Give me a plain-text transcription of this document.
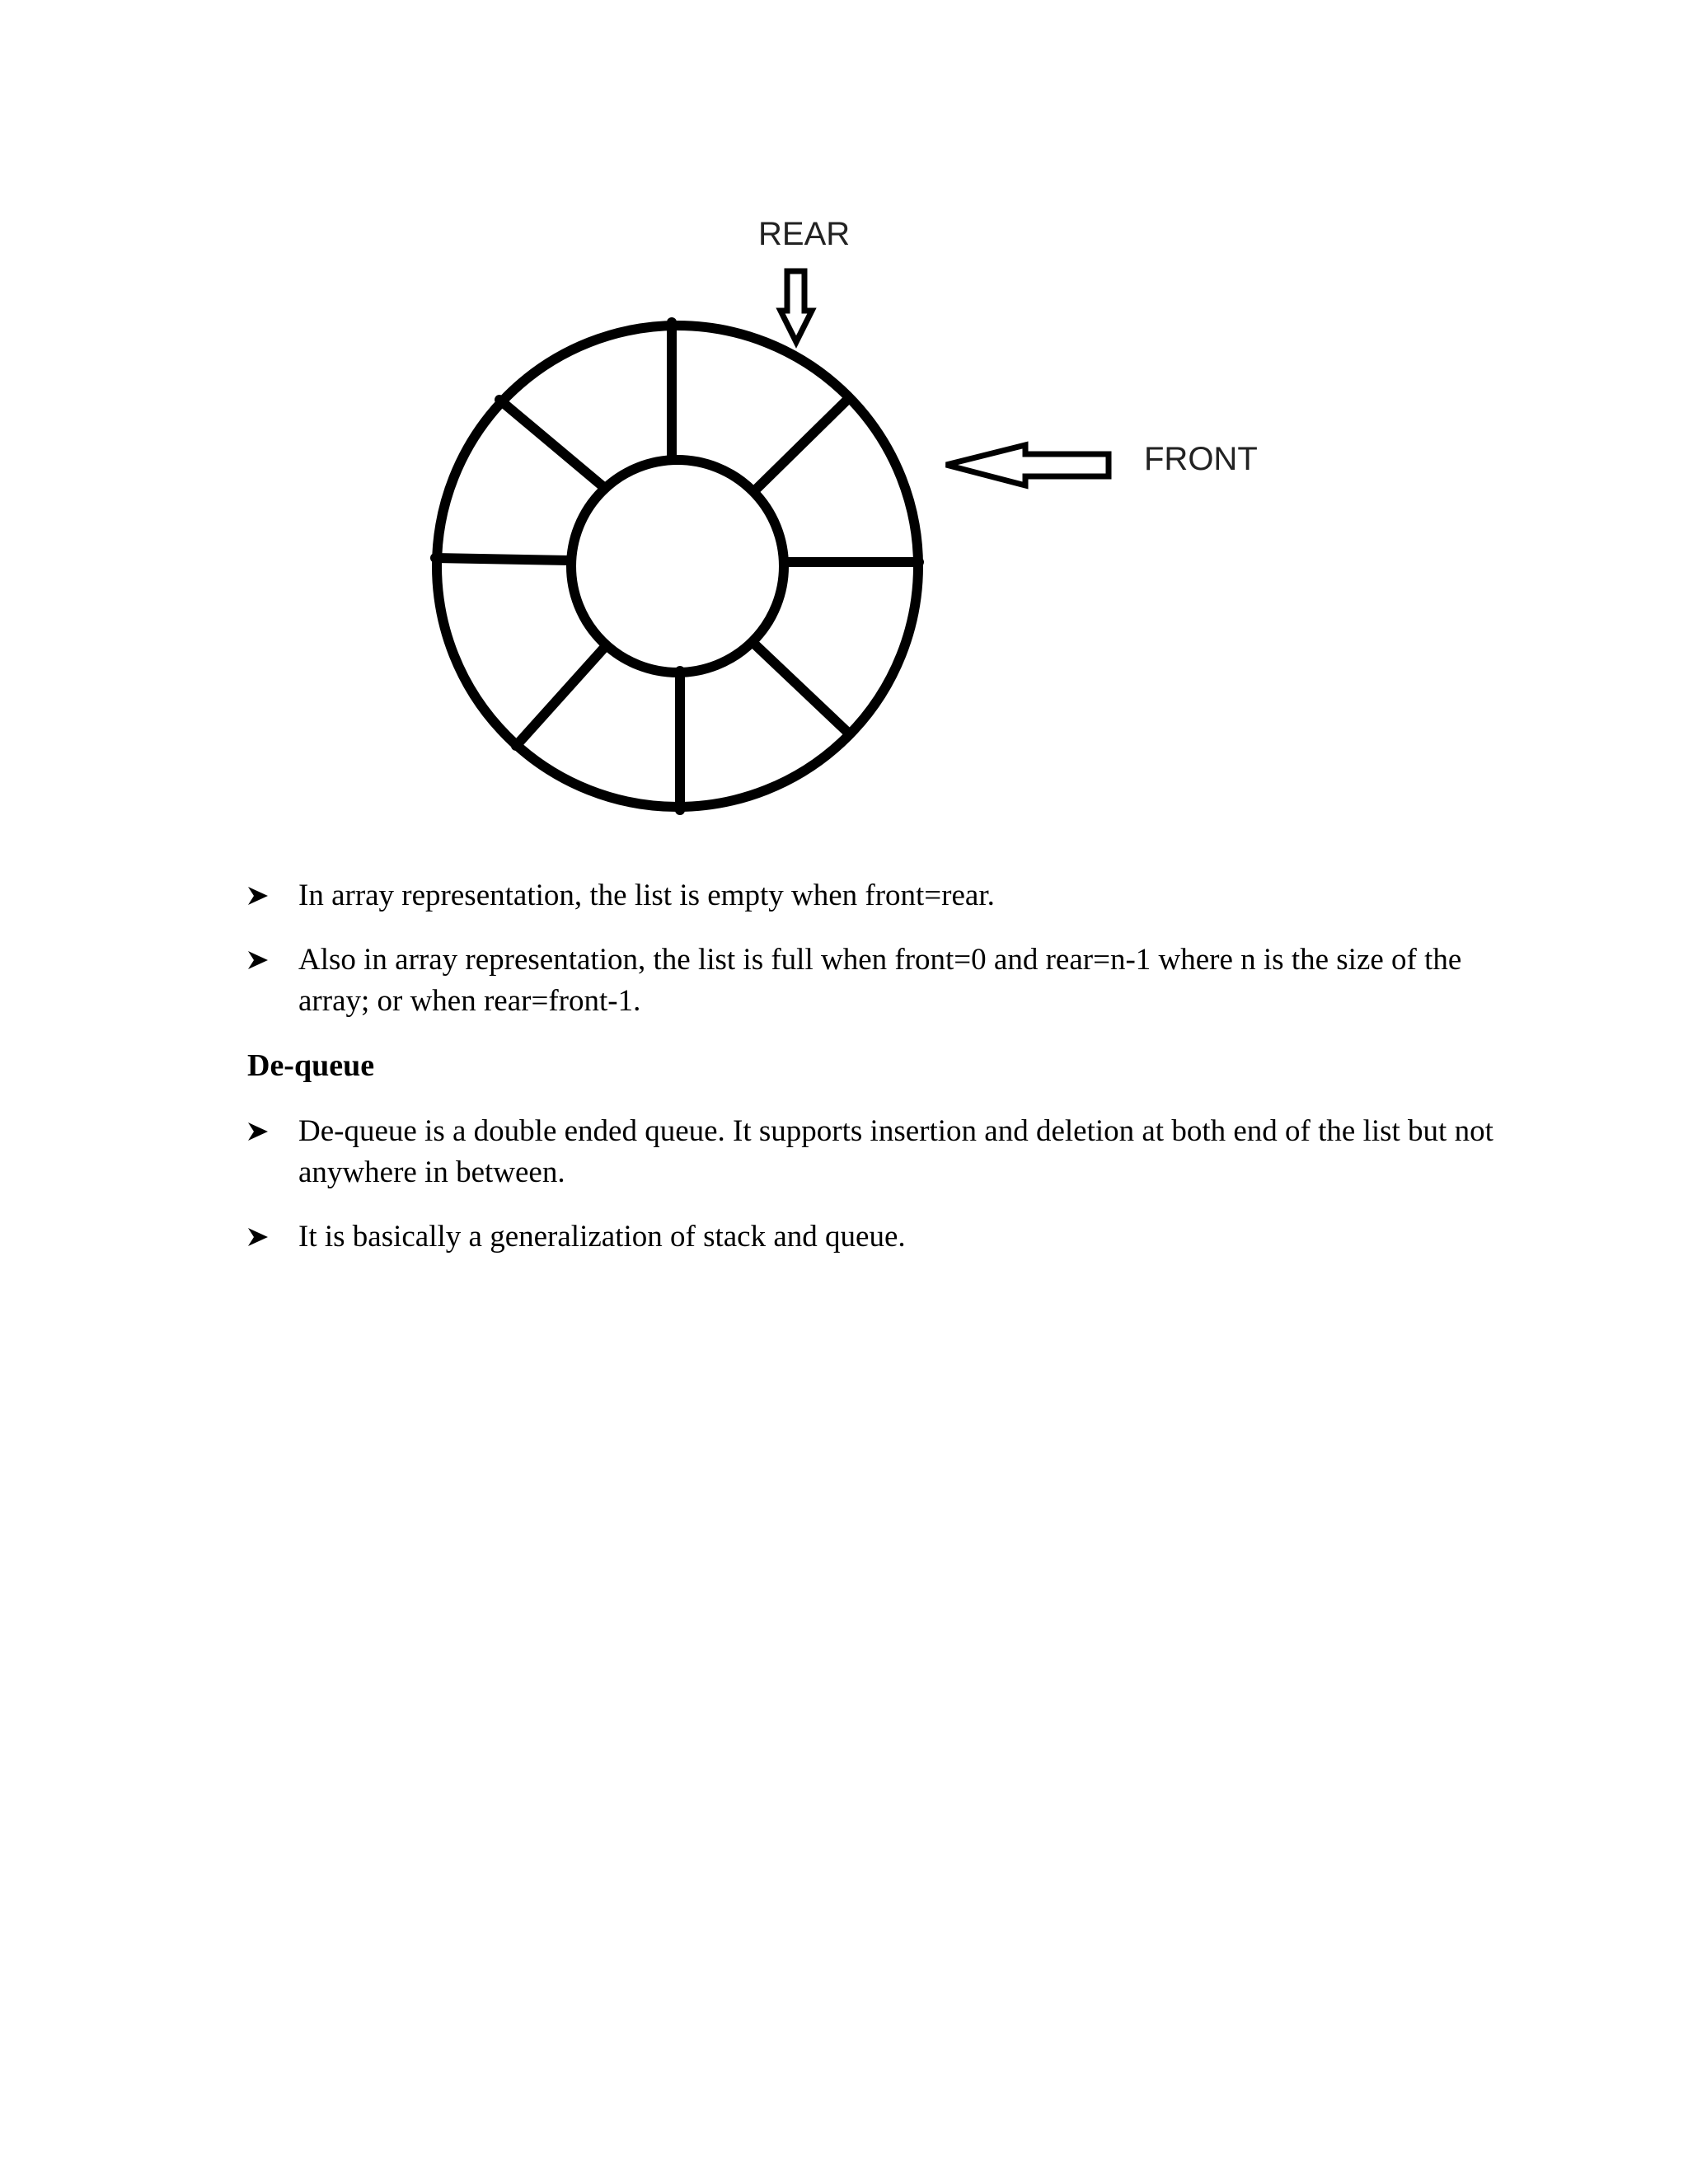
REAR
FRONT
In array representation, the list is empty when front=rear.
Also in array representation, the list is full when front=0 and rear=n-1 where n is the size of the array; or when rear=front-1.
De-queue
De-queue is a double ended queue. It supports insertion and deletion at both end of the list but not anywhere in between.
It is basically a generalization of stack and queue.
